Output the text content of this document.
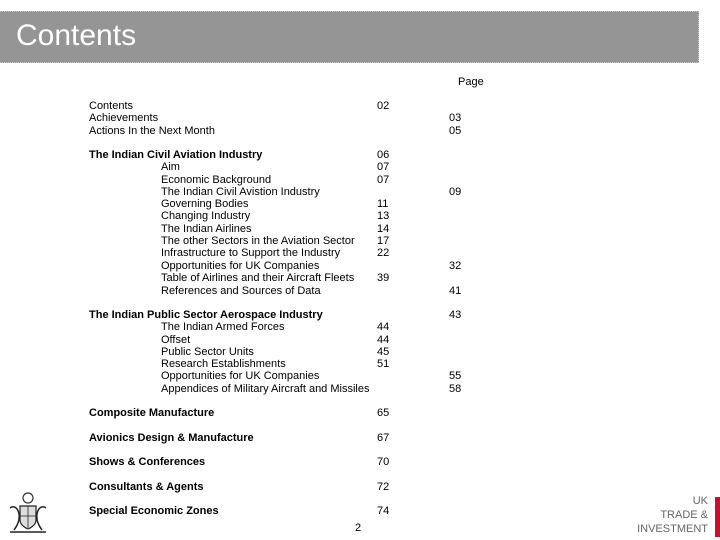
Contents
Page
Contents	02
Achievements	03
Actions In the Next Month	05
The Indian Civil Aviation Industry	06
Aim	07
Economic Background	07
The Indian Civil Avistion Industry	09
Governing Bodies	11
Changing Industry	13
The Indian Airlines	14
The other Sectors in the Aviation Sector 17
Infrastructure to Support the Industry	22
Opportunities for UK Companies	32
Table of Airlines and their Aircraft Fleets 39
References and Sources of Data	41
The Indian Public Sector Aerospace Industry	43
The Indian Armed Forces	44
Offset	44
Public Sector Units	45
Research Establishments	51
Opportunities for UK Companies	55
Appendices of Military Aircraft and Missiles	58
Composite Manufacture	65
Avionics Design & Manufacture	67
Shows & Conferences	70
Consultants & Agents	72
Special Economic Zones	74
2
UK
TRADE &
INVESTMENT
